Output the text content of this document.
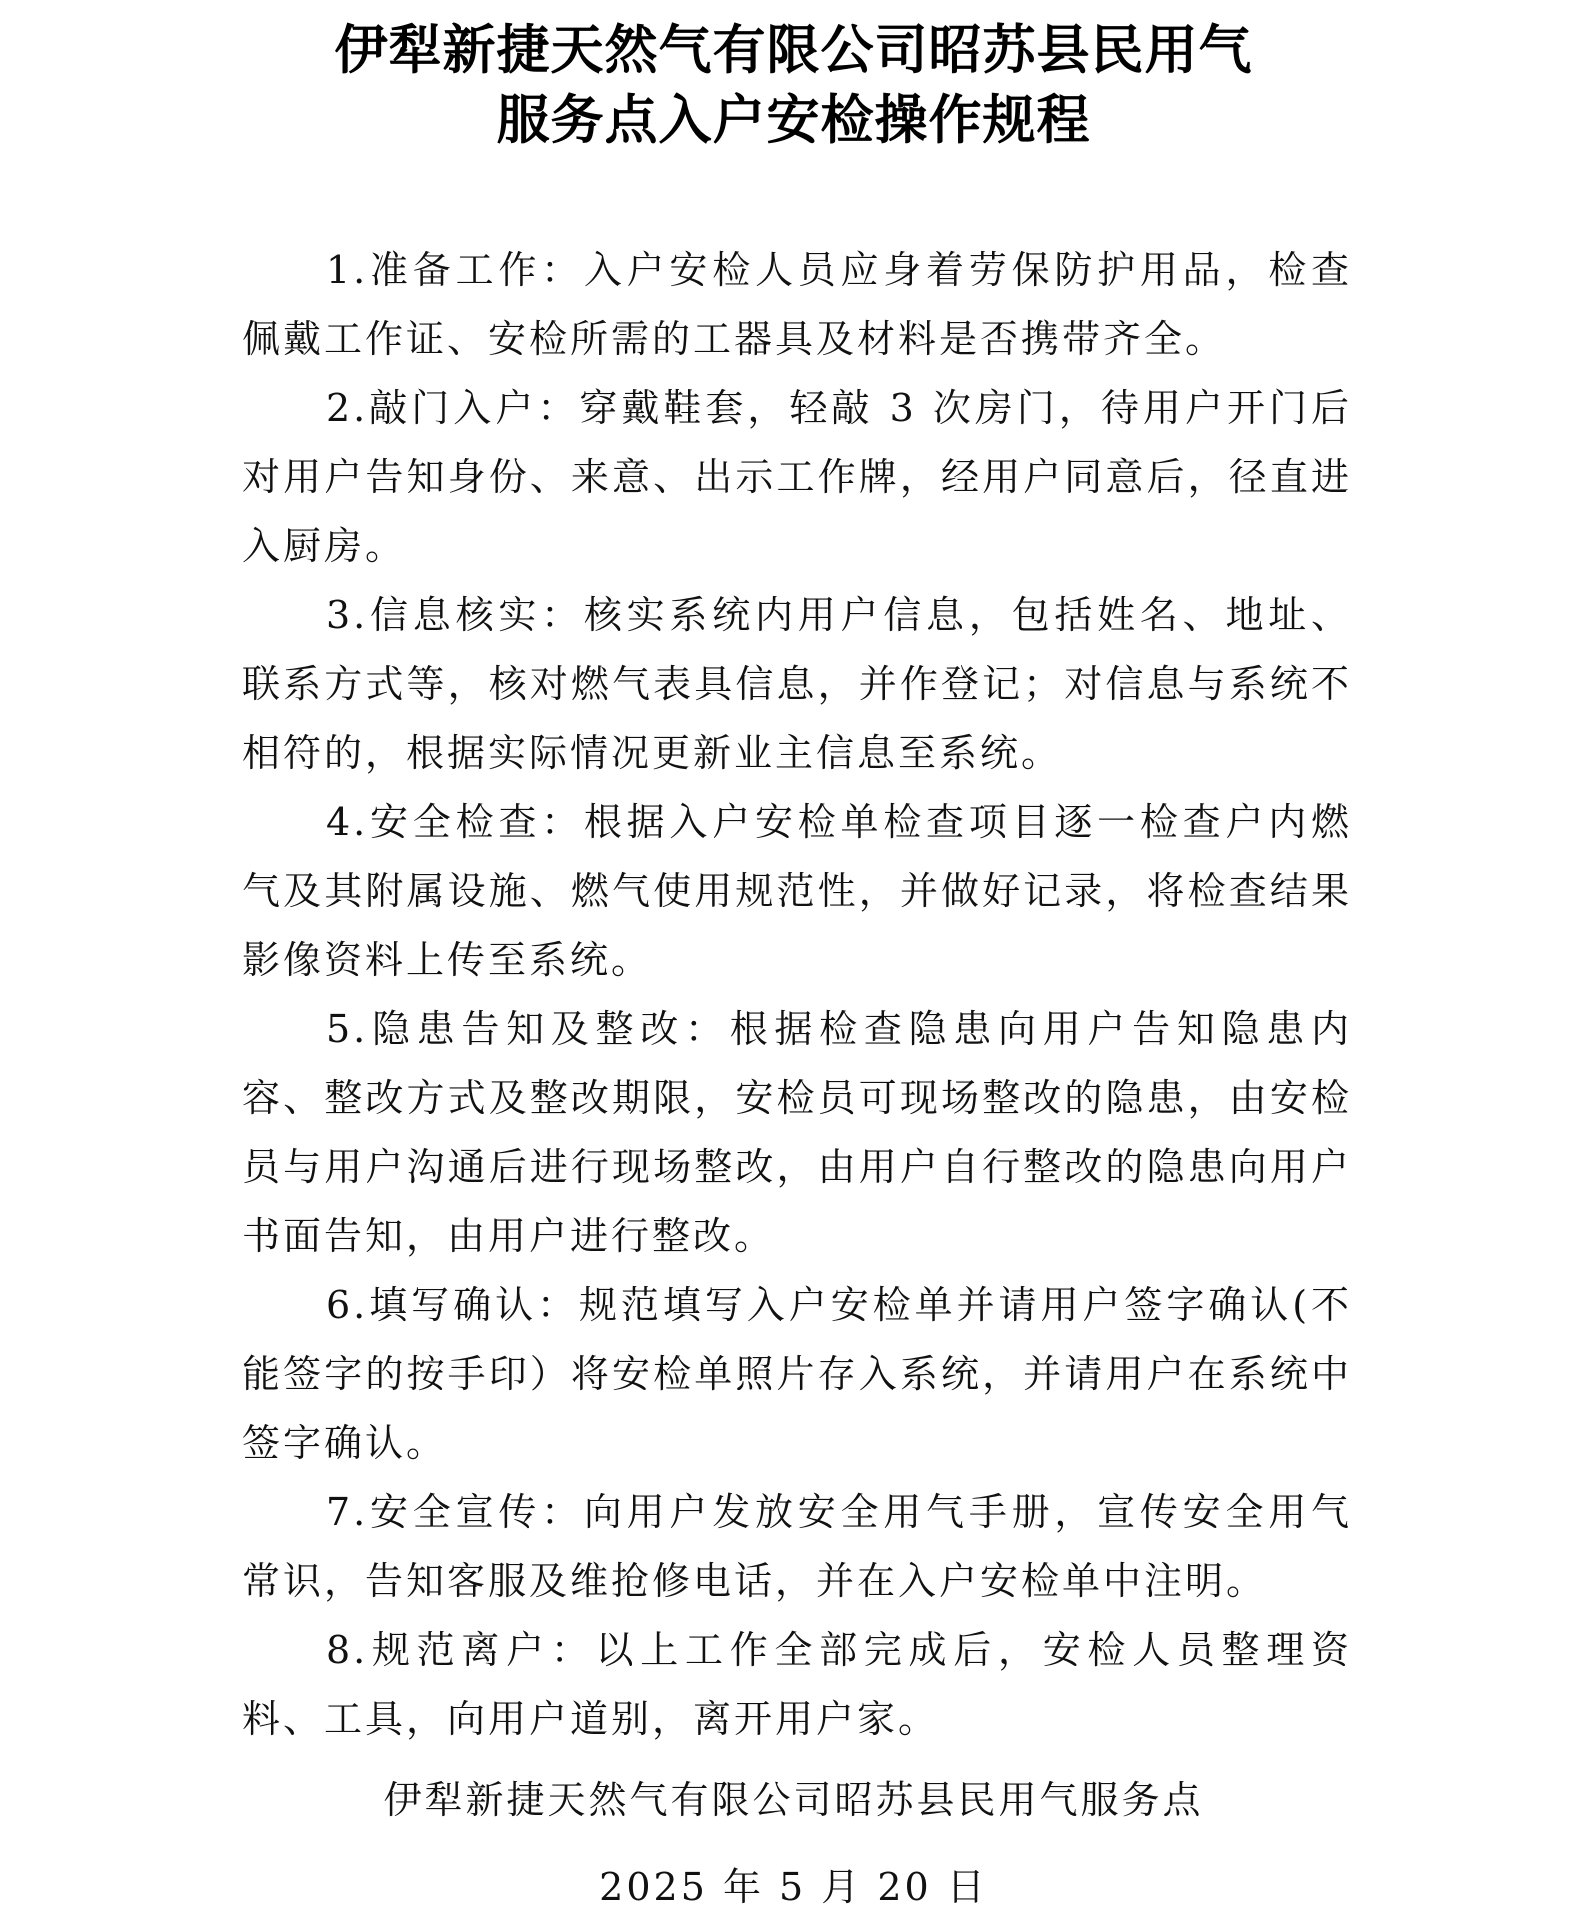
伊犁新捷天然气有限公司昭苏县民用气
服务点入户安检操作规程

1.准备工作：入户安检人员应身着劳保防护用品，检查佩戴工作证、安检所需的工器具及材料是否携带齐全。

2.敲门入户：穿戴鞋套，轻敲 3 次房门，待用户开门后对用户告知身份、来意、出示工作牌，经用户同意后，径直进入厨房。

3.信息核实：核实系统内用户信息，包括姓名、地址、联系方式等，核对燃气表具信息，并作登记；对信息与系统不相符的，根据实际情况更新业主信息至系统。

4.安全检查：根据入户安检单检查项目逐一检查户内燃气及其附属设施、燃气使用规范性，并做好记录，将检查结果影像资料上传至系统。

5.隐患告知及整改：根据检查隐患向用户告知隐患内容、整改方式及整改期限，安检员可现场整改的隐患，由安检员与用户沟通后进行现场整改，由用户自行整改的隐患向用户书面告知，由用户进行整改。

6.填写确认：规范填写入户安检单并请用户签字确认(不能签字的按手印）将安检单照片存入系统，并请用户在系统中签字确认。

7.安全宣传：向用户发放安全用气手册，宣传安全用气常识，告知客服及维抢修电话，并在入户安检单中注明。

8.规范离户：以上工作全部完成后，安检人员整理资料、工具，向用户道别，离开用户家。

伊犁新捷天然气有限公司昭苏县民用气服务点
2025 年 5 月 20 日
